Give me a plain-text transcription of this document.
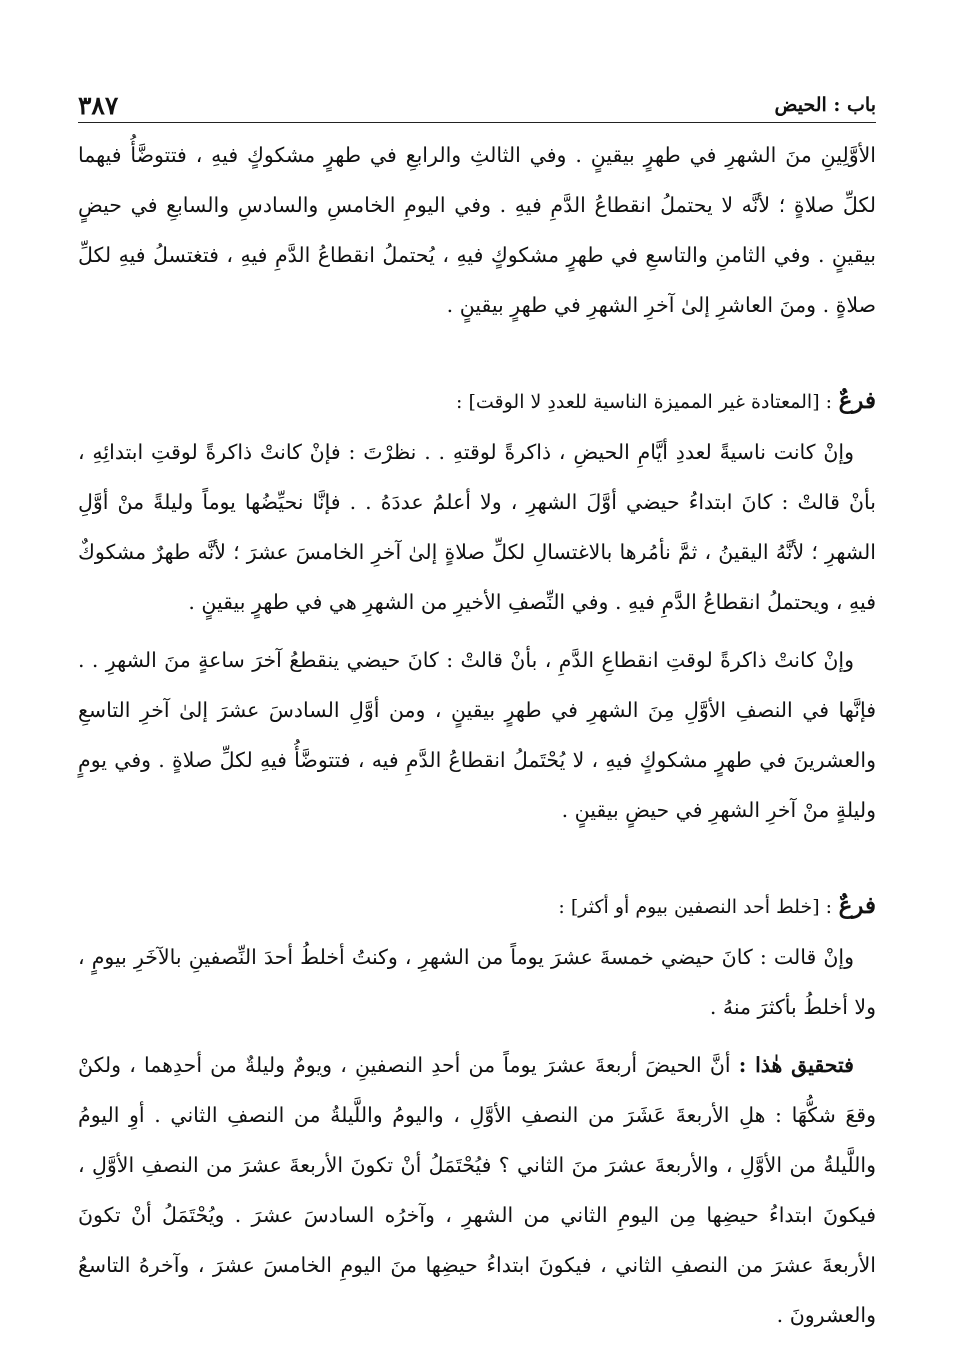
باب : الحيض
٣٨٧

الأوَّلِينِ منَ الشهرِ في طهرٍ بيقينٍ . وفي الثالثِ والرابعِ في طهرٍ مشكوكٍ فيهِ ، فتتوضَّأُ فيهما لكلِّ صلاةٍ ؛ لأنَّه لا يحتملُ انقطاعُ الدَّمِ فيهِ . وفي اليومِ الخامسِ والسادسِ والسابعِ في حيضٍ بيقينٍ . وفي الثامنِ والتاسعِ في طهرٍ مشكوكٍ فيهِ ، يُحتملُ انقطاعُ الدَّمِ فيهِ ، فتغتسلُ فيهِ لكلِّ صلاةٍ . ومنَ العاشرِ إلىٰ آخرِ الشهرِ في طهرٍ بيقينٍ .

فرعٌ : [المعتادة غير المميزة الناسية للعددِ لا الوقت] :

وإنْ كانت ناسيةً لعددِ أيَّامِ الحيضِ ، ذاكرةً لوقتهِ . . نظرْتَ : فإنْ كانتْ ذاكرةً لوقتِ ابتدائِهِ ، بأنْ قالتْ : كانَ ابتداءُ حيضي أوَّلَ الشهرِ ، ولا أعلمُ عددَهُ . . فإنَّا نحيِّضُها يوماً وليلةً منْ أوَّلِ الشهرِ ؛ لأنَّهُ اليقينُ ، ثمَّ نأمُرها بالاغتسالِ لكلِّ صلاةٍ إلىٰ آخرِ الخامسَ عشرَ ؛ لأنَّه طهرٌ مشكوكٌ فيهِ ، ويحتملُ انقطاعُ الدَّمِ فيهِ . وفي النِّصفِ الأخيرِ من الشهرِ هي في طهرٍ بيقينٍ .

وإنْ كانتْ ذاكرةً لوقتِ انقطاعِ الدَّمِ ، بأنْ قالتْ : كانَ حيضي ينقطعُ آخرَ ساعةٍ منَ الشهرِ . . فإنَّها في النصفِ الأوَّلِ مِنَ الشهرِ في طهرٍ بيقينٍ ، ومن أوَّلِ السادسَ عشرَ إلىٰ آخرِ التاسعِ والعشرينَ في طهرٍ مشكوكٍ فيهِ ، لا يُحْتَملُ انقطاعُ الدَّمِ فيه ، فتتوضَّأُ فيهِ لكلِّ صلاةٍ . وفي يومٍ وليلةٍ منْ آخرِ الشهرِ في حيضٍ بيقينٍ .

فرعٌ : [خلط أحد النصفين بيوم أو أكثر] :

وإنْ قالت : كانَ حيضي خمسةَ عشرَ يوماً من الشهرِ ، وكنتُ أخلطُ أحدَ النِّصفينِ بالآخَرِ بيومٍ ، ولا أخلطُ بأكثرَ منهُ .

فتحقيق هٰذا : أنَّ الحيضَ أربعةَ عشرَ يوماً من أحدِ النصفينِ ، ويومٌ وليلةٌ من أحدِهما ، ولكنْ وقعَ شكُّهَا : هلِ الأربعةَ عَشَرَ من النصفِ الأوَّلِ ، واليومُ واللَّيلةُ من النصفِ الثاني . أوِ اليومُ واللَّيلةُ من الأوَّلِ ، والأربعةَ عشرَ منَ الثاني ؟ فيُحْتَمَلُ أنْ تكونَ الأربعةَ عشرَ من النصفِ الأوَّلِ ، فيكونَ ابتداءُ حيضِها مِن اليومِ الثاني من الشهرِ ، وآخرُه السادسَ عشرَ . ويُحْتَمَلُ أنْ تكونَ الأربعةَ عشرَ من النصفِ الثاني ، فيكونَ ابتداءُ حيضِها منَ اليومِ الخامسَ عشرَ ، وآخرهُ التاسعُ والعشرونَ .
